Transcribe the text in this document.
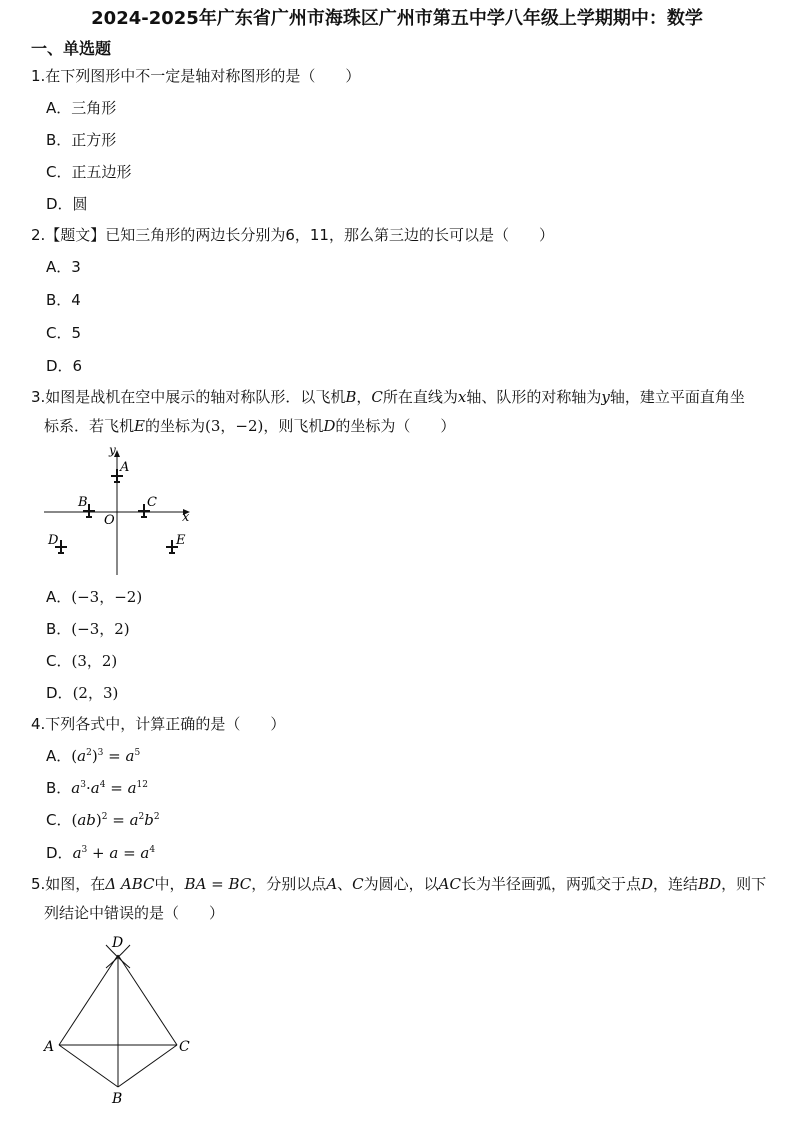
2024-2025年广东省广州市海珠区广州市第五中学八年级上学期期中：数学
一、单选题
1.在下列图形中不一定是轴对称图形的是（　　）
A．三角形
B．正方形
C．正五边形
D．圆
2.【题文】已知三角形的两边长分别为6，11，那么第三边的长可以是（　　）
A．3
B．4
C．5
D．6
3.如图是战机在空中展示的轴对称队形．以飞机B，C所在直线为x轴、队形的对称轴为y轴，建立平面直角坐
标系．若飞机E的坐标为(3，−2)，则飞机D的坐标为（　　）
y
A
B	C
O	x
D	E
A．(−3，−2)
B．(−3，2)
C．(3，2)
D．(2，3)
4.下列各式中，计算正确的是（　　）
A．$(a^2)^3 = a^5$
B．$a^3\cdot a^4 = a^{12}$
C．$(ab)^2 = a^2b^2$
D．$a^3 + a = a^4$
5.如图，在Δ ABC中，BA = BC，分别以点A、C为圆心，以AC长为半径画弧，两弧交于点D，连结BD，则下
列结论中错误的是（　　）
D
A	C
B
